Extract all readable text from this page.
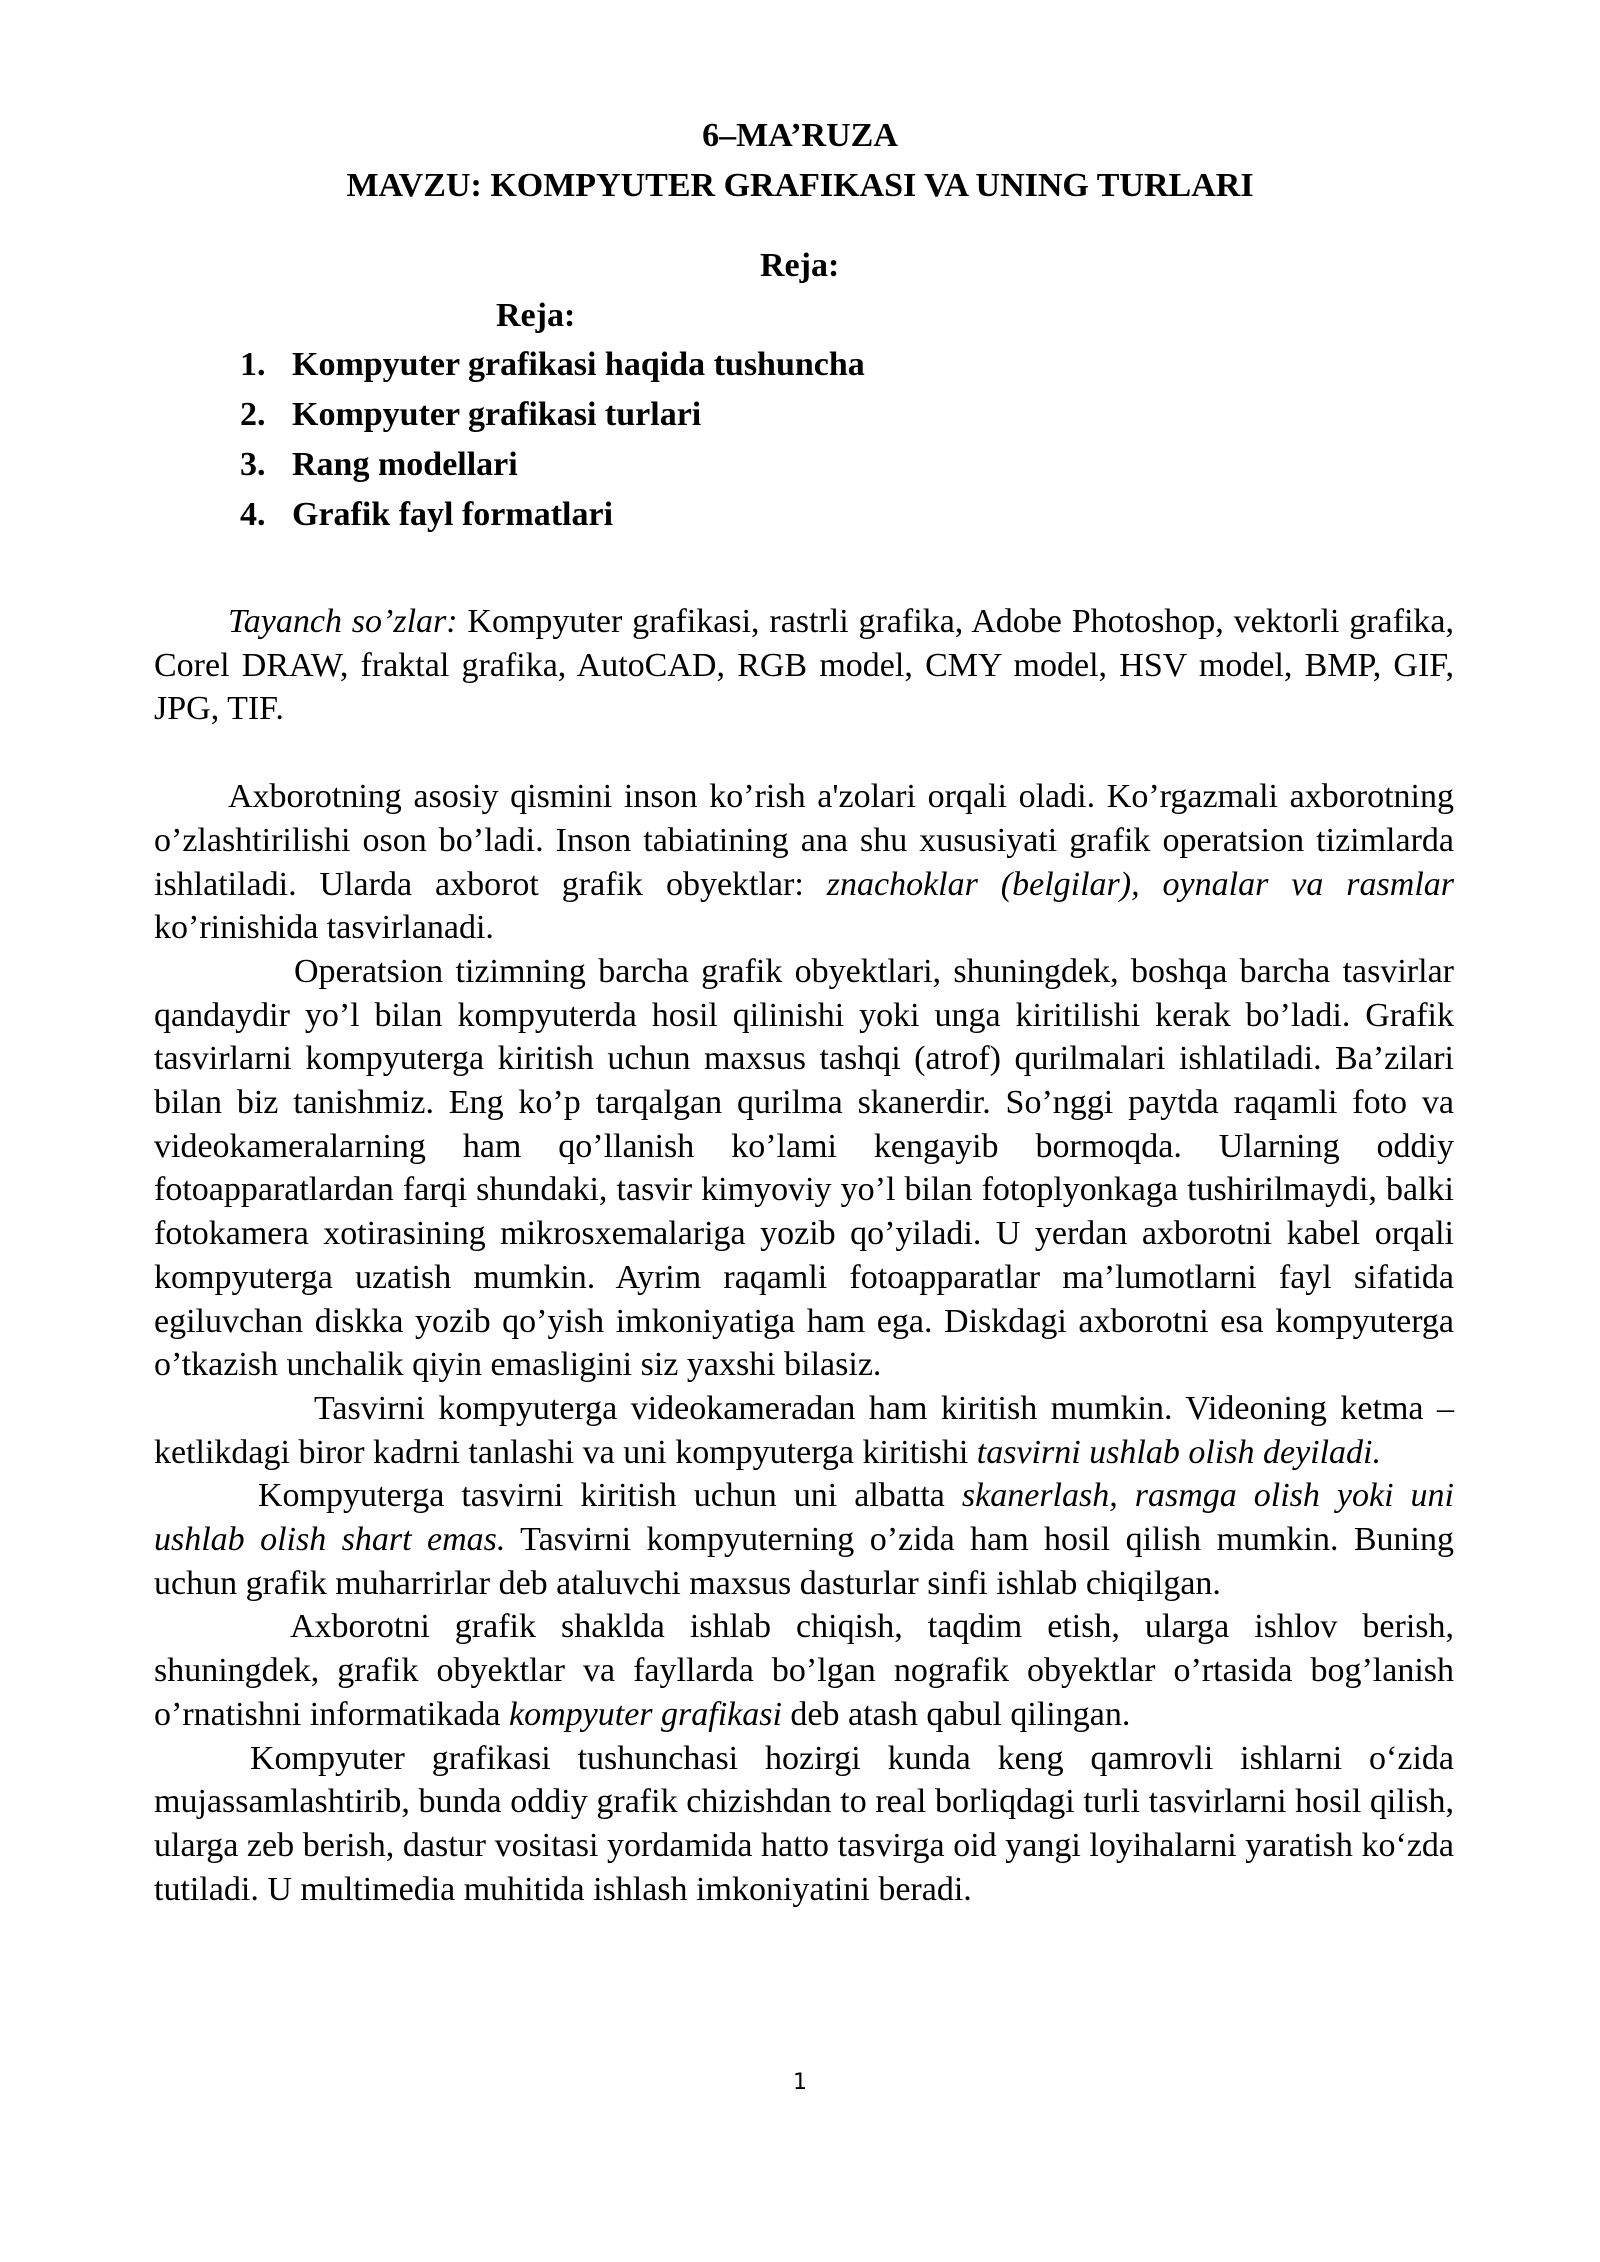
6–MA’RUZA
MAVZU: KOMPYUTER GRAFIKASI VA UNING TURLARI
Reja:
Reja:
1. Kompyuter grafikasi haqida tushuncha
2. Kompyuter grafikasi turlari
3. Rang modellari
4. Grafik fayl formatlari

Tayanch so’zlar: Kompyuter grafikasi, rastrli grafika, Adobe Photoshop, vektorli grafika, Corel DRAW, fraktal grafika, AutoCAD, RGB model, CMY model, HSV model, BMP, GIF, JPG, TIF.

Axborotning asosiy qismini inson ko’rish a'zolari orqali oladi. Ko’rgazmali axborotning o’zlashtirilishi oson bo’ladi. Inson tabiatining ana shu xususiyati grafik operatsion tizimlarda ishlatiladi. Ularda axborot grafik obyektlar: znachoklar (belgilar), oynalar va rasmlar ko’rinishida tasvirlanadi.

Operatsion tizimning barcha grafik obyektlari, shuningdek, boshqa barcha tasvirlar qandaydir yo’l bilan kompyuterda hosil qilinishi yoki unga kiritilishi kerak bo’ladi. Grafik tasvirlarni kompyuterga kiritish uchun maxsus tashqi (atrof) qurilmalari ishlatiladi. Ba’zilari bilan biz tanishmiz. Eng ko’p tarqalgan qurilma skanerdir. So’nggi paytda raqamli foto va videokameralarning ham qo’llanish ko’lami kengayib bormoqda. Ularning oddiy fotoapparatlardan farqi shundaki, tasvir kimyoviy yo’l bilan fotoplyonkaga tushirilmaydi, balki fotokamera xotirasining mikrosxemalariga yozib qo’yiladi. U yerdan axborotni kabel orqali kompyuterga uzatish mumkin. Ayrim raqamli fotoapparatlar ma’lumotlarni fayl sifatida egiluvchan diskka yozib qo’yish imkoniyatiga ham ega. Diskdagi axborotni esa kompyuterga o’tkazish unchalik qiyin emasligini siz yaxshi bilasiz.

Tasvirni kompyuterga videokameradan ham kiritish mumkin. Videoning ketma – ketlikdagi biror kadrni tanlashi va uni kompyuterga kiritishi tasvirni ushlab olish deyiladi.

Kompyuterga tasvirni kiritish uchun uni albatta skanerlash, rasmga olish yoki uni ushlab olish shart emas. Tasvirni kompyuterning o’zida ham hosil qilish mumkin. Buning uchun grafik muharrirlar deb ataluvchi maxsus dasturlar sinfi ishlab chiqilgan.

Axborotni grafik shaklda ishlab chiqish, taqdim etish, ularga ishlov berish, shuningdek, grafik obyektlar va fayllarda bo’lgan nografik obyektlar o’rtasida bog’lanish o’rnatishni informatikada kompyuter grafikasi deb atash qabul qilingan.

Kompyuter grafikasi tushunchasi hozirgi kunda keng qamrovli ishlarni o‘zida mujassamlashtirib, bunda oddiy grafik chizishdan to real borliqdagi turli tasvirlarni hosil qilish, ularga zeb berish, dastur vositasi yordamida hatto tasvirga oid yangi loyihalarni yaratish ko‘zda tutiladi. U multimedia muhitida ishlash imkoniyatini beradi.

1
